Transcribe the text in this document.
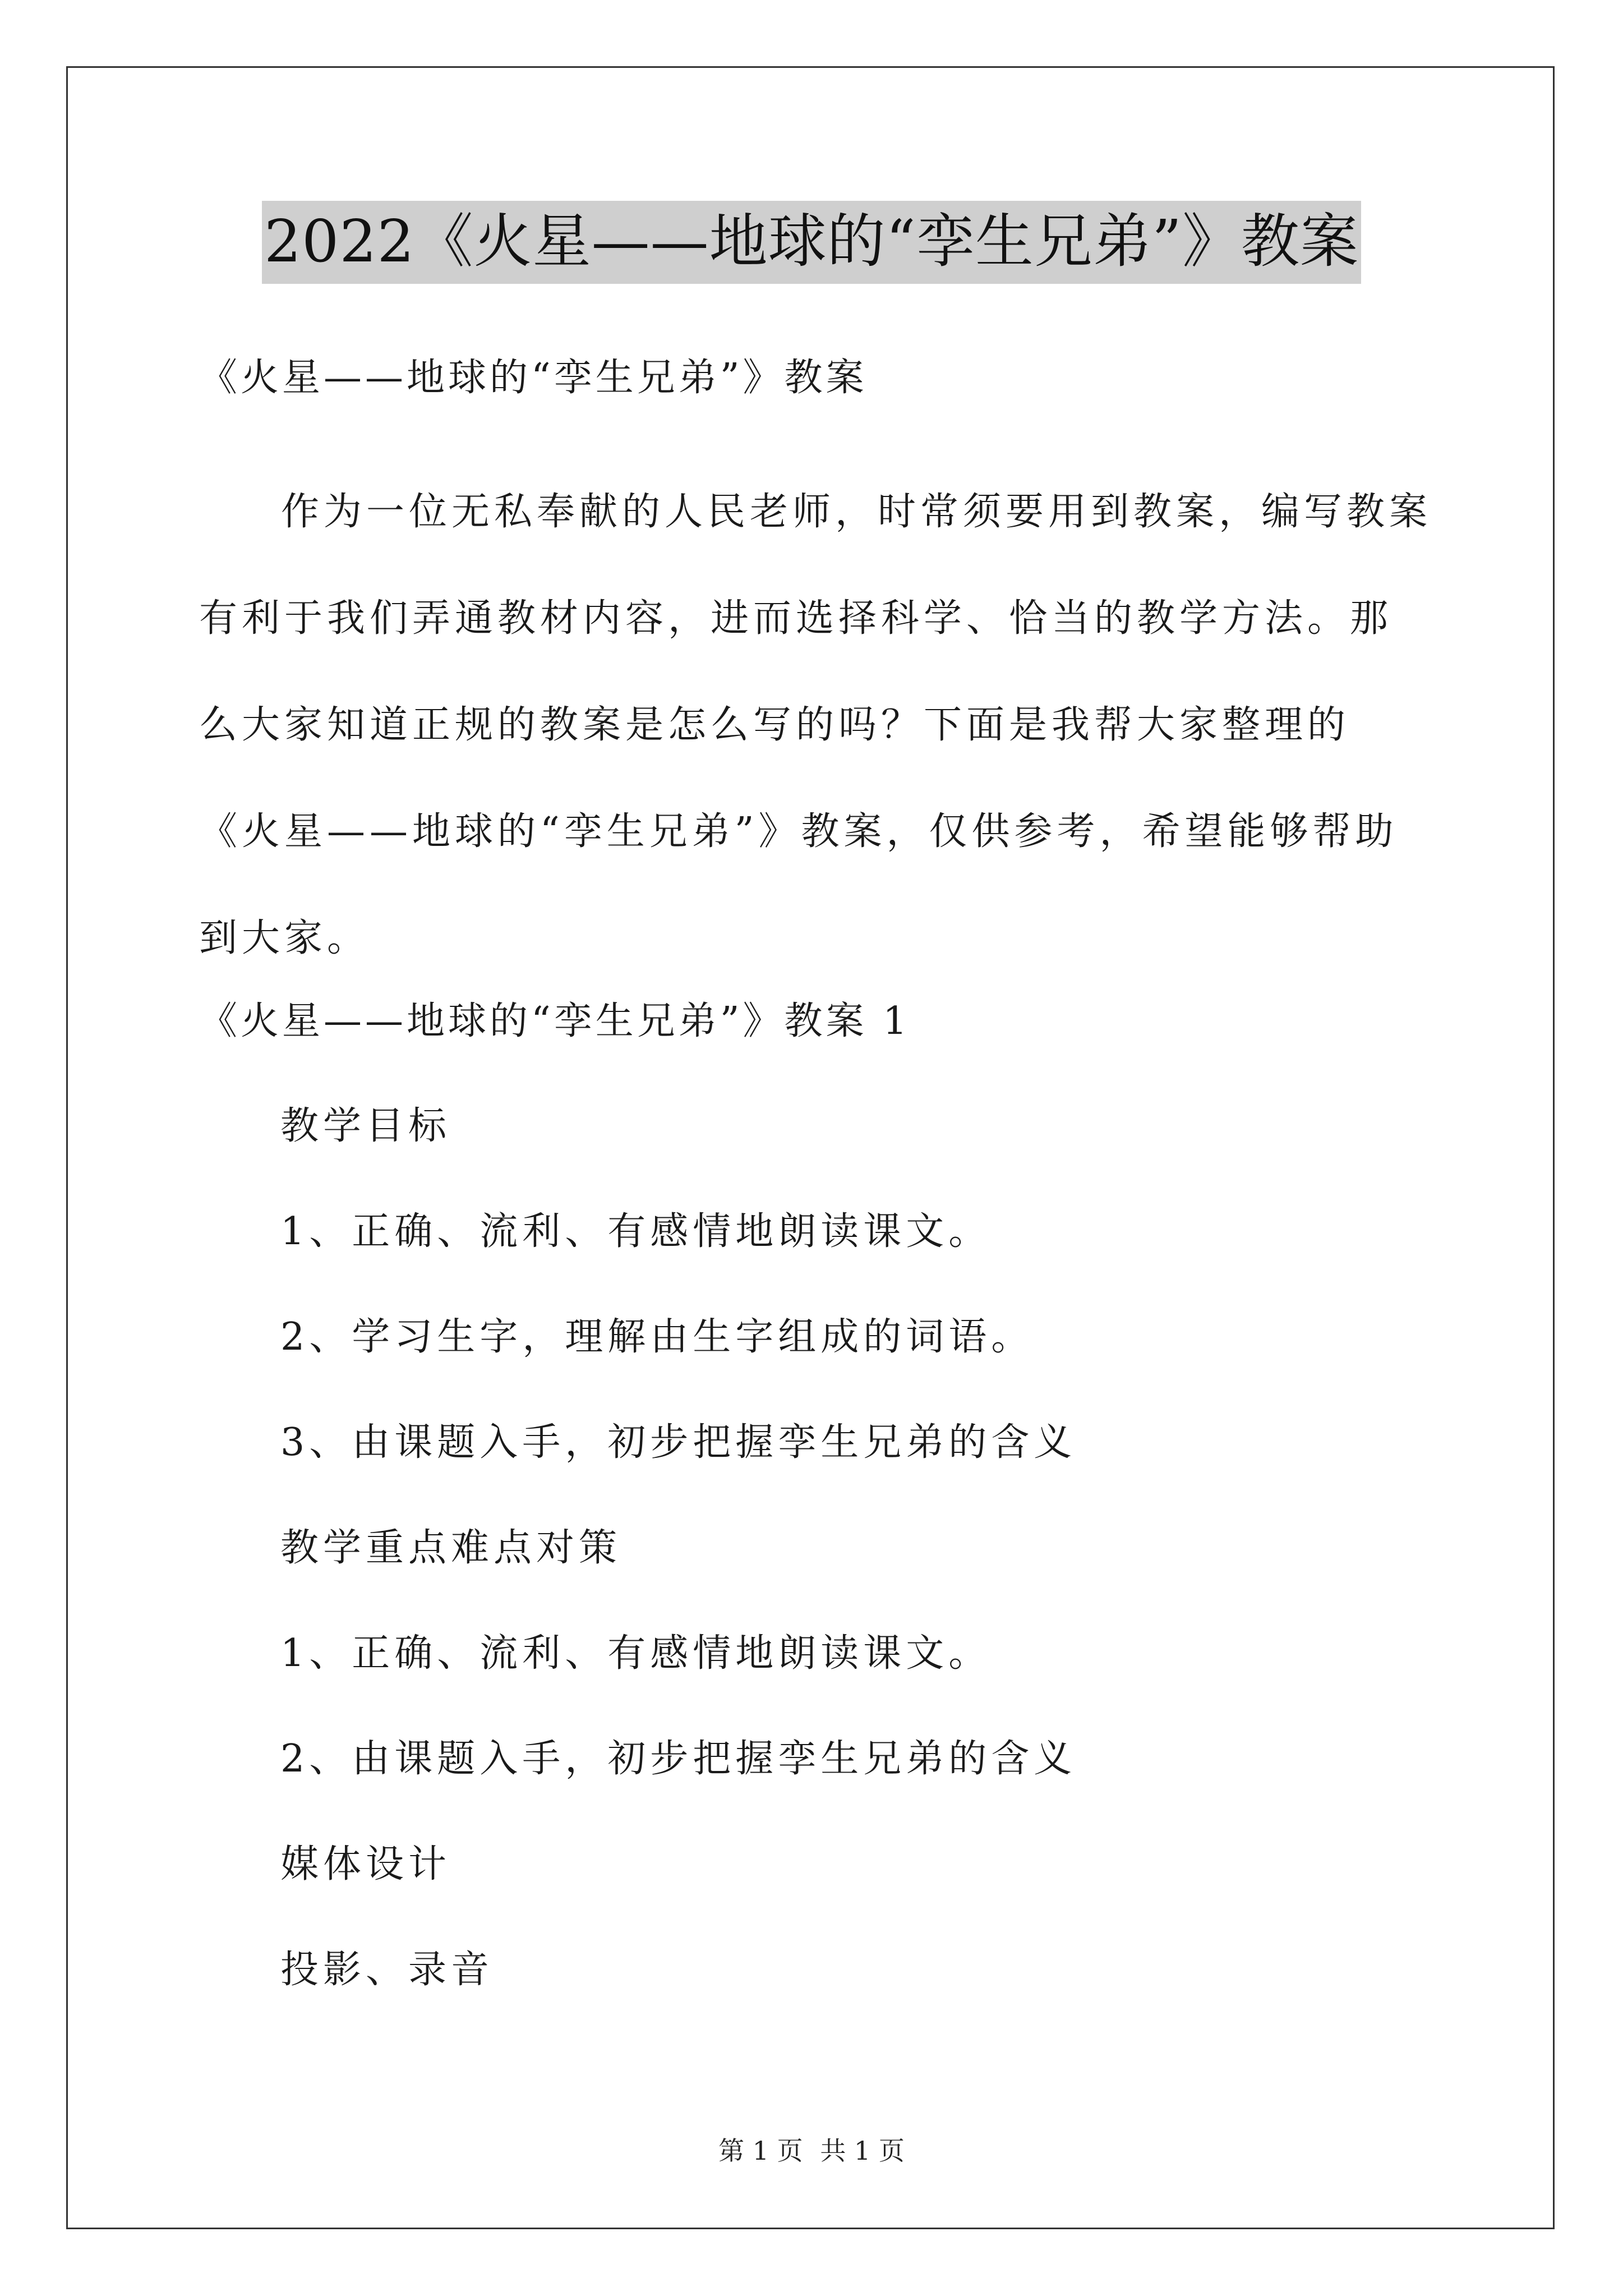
2022《火星——地球的“孪生兄弟”》教案
《火星——地球的“孪生兄弟”》教案
作为一位无私奉献的人民老师，时常须要用到教案，编写教案有利于我们弄通教材内容，进而选择科学、恰当的教学方法。那么大家知道正规的教案是怎么写的吗？下面是我帮大家整理的《火星——地球的“孪生兄弟”》教案，仅供参考，希望能够帮助到大家。
《火星——地球的“孪生兄弟”》教案 1
教学目标
1、正确、流利、有感情地朗读课文。
2、学习生字，理解由生字组成的词语。
3、由课题入手，初步把握孪生兄弟的含义
教学重点难点对策
1、正确、流利、有感情地朗读课文。
2、由课题入手，初步把握孪生兄弟的含义
媒体设计
投影、录音
第 1 页 共 1 页
